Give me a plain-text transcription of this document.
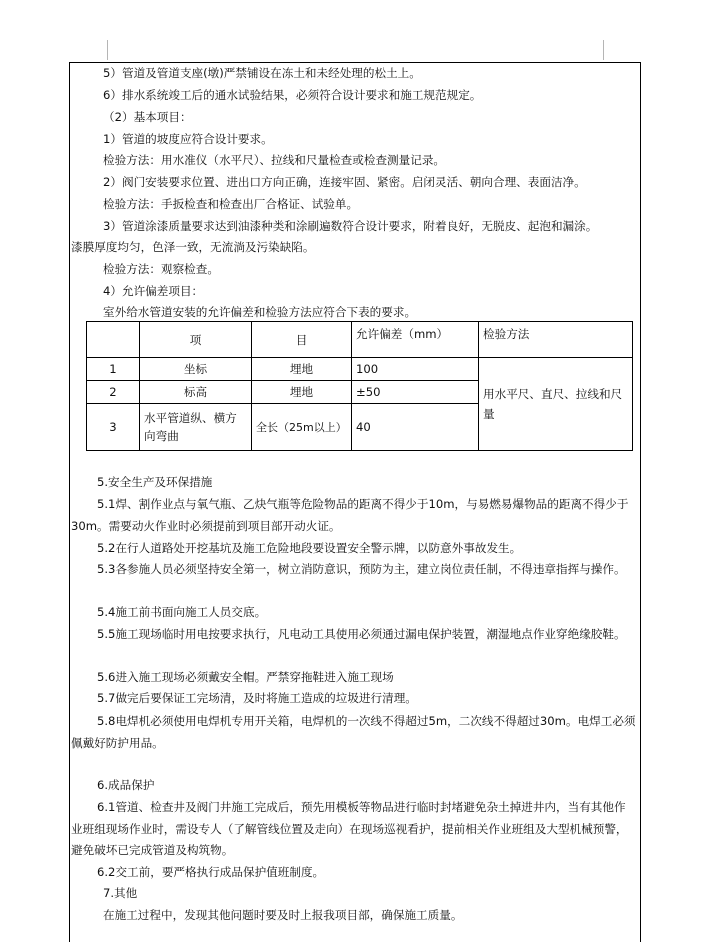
5）管道及管道支座(墩)严禁铺设在冻土和未经处理的松土上。
6）排水系统竣工后的通水试验结果，必须符合设计要求和施工规范规定。
（2）基本项目：
1）管道的坡度应符合设计要求。
检验方法：用水准仪（水平尺）、拉线和尺量检查或检查测量记录。
2）阀门安装要求位置、进出口方向正确，连接牢固、紧密。启闭灵活、朝向合理、表面洁净。
检验方法：手扳检查和检查出厂合格证、试验单。
3）管道涂漆质量要求达到油漆种类和涂刷遍数符合设计要求，附着良好，无脱皮、起泡和漏涂。
漆膜厚度均匀，色泽一致，无流淌及污染缺陷。
检验方法：观察检查。
4）允许偏差项目：
室外给水管道安装的允许偏差和检验方法应符合下表的要求。
	项	目	允许偏差（mm）	检验方法
1	坐标	埋地	100	用水平尺、直尺、拉线和尺量
2	标高	埋地	±50	
3	水平管道纵、横方向弯曲	全长（25m以上）	40	
5.安全生产及环保措施
5.1焊、割作业点与氧气瓶、乙炔气瓶等危险物品的距离不得少于10m，与易燃易爆物品的距离不得少于30m。需要动火作业时必须提前到项目部开动火证。
5.2在行人道路处开挖基坑及施工危险地段要设置安全警示牌，以防意外事故发生。
5.3各参施人员必须坚持安全第一，树立消防意识，预防为主，建立岗位责任制，不得违章指挥与操作。
5.4施工前书面向施工人员交底。
5.5施工现场临时用电按要求执行，凡电动工具使用必须通过漏电保护装置，潮湿地点作业穿绝缘胶鞋。
5.6进入施工现场必须戴安全帽。严禁穿拖鞋进入施工现场
5.7做完后要保证工完场清，及时将施工造成的垃圾进行清理。
5.8电焊机必须使用电焊机专用开关箱，电焊机的一次线不得超过5m，二次线不得超过30m。电焊工必须佩戴好防护用品。
6.成品保护
6.1管道、检查井及阀门井施工完成后，预先用模板等物品进行临时封堵避免杂土掉进井内，当有其他作业班组现场作业时，需设专人（了解管线位置及走向）在现场巡视看护，提前相关作业班组及大型机械预警，避免破坏已完成管道及构筑物。
6.2交工前，要严格执行成品保护值班制度。
7.其他
在施工过程中，发现其他问题时要及时上报我项目部，确保施工质量。
